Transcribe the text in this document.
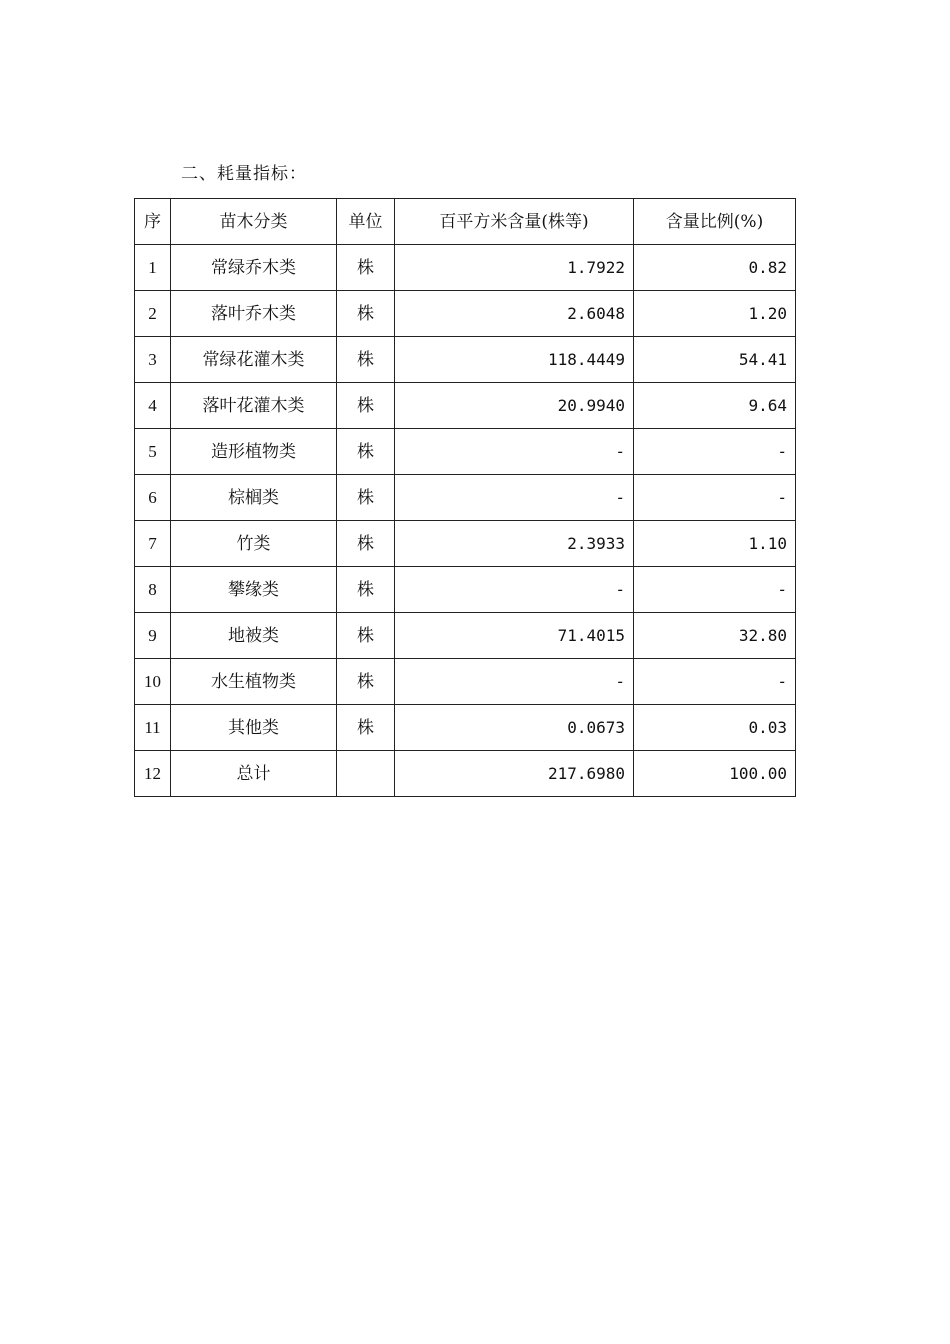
二、耗量指标：
序	苗木分类	单位	百平方米含量(株等)	含量比例(%)
1	常绿乔木类	株	1.7922	0.82
2	落叶乔木类	株	2.6048	1.20
3	常绿花灌木类	株	118.4449	54.41
4	落叶花灌木类	株	20.9940	9.64
5	造形植物类	株	-	-
6	棕榈类	株	-	-
7	竹类	株	2.3933	1.10
8	攀缘类	株	-	-
9	地被类	株	71.4015	32.80
10	水生植物类	株	-	-
11	其他类	株	0.0673	0.03
12	总计		217.6980	100.00
